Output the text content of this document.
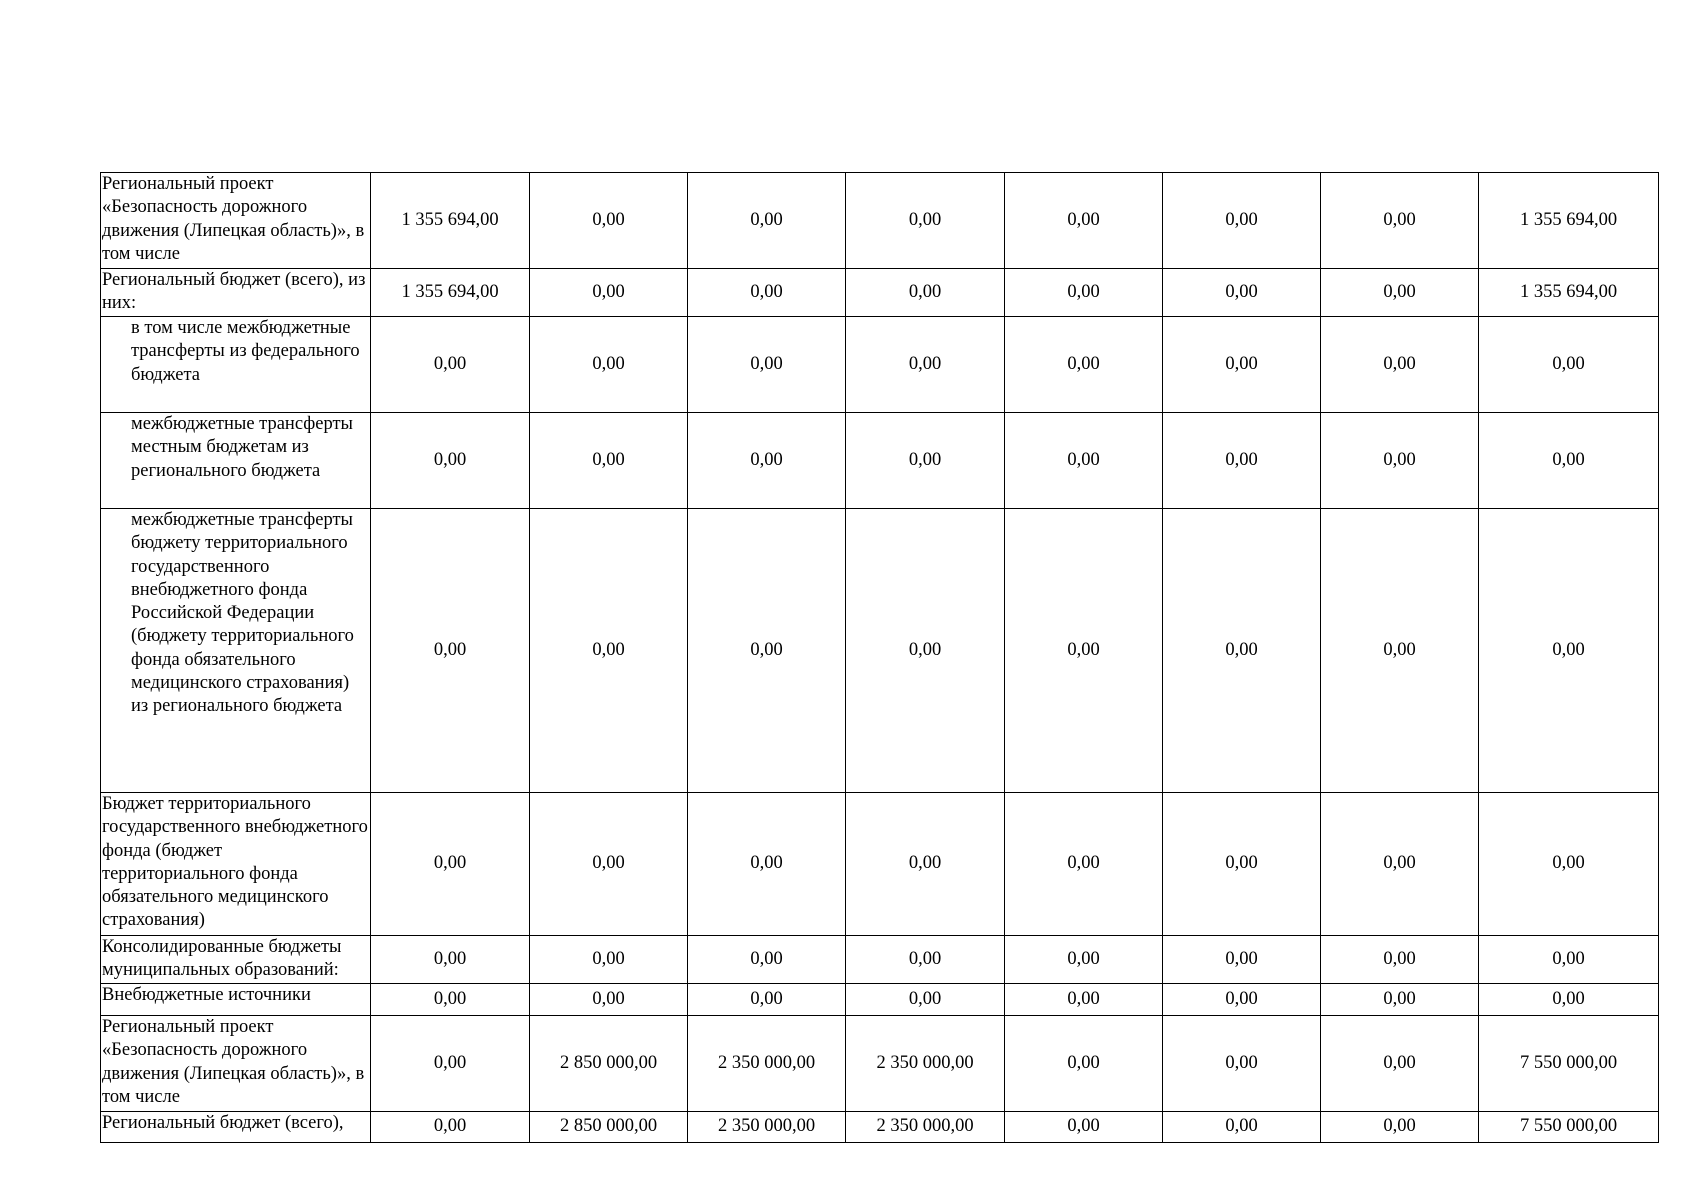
Региональный проект «Безопасность дорожного движения (Липецкая область)», в том числе	1 355 694,00	0,00	0,00	0,00	0,00	0,00	0,00	1 355 694,00
Региональный бюджет (всего), из них:	1 355 694,00	0,00	0,00	0,00	0,00	0,00	0,00	1 355 694,00
в том числе межбюджетные трансферты из федерального бюджета	0,00	0,00	0,00	0,00	0,00	0,00	0,00	0,00
межбюджетные трансферты местным бюджетам из регионального бюджета	0,00	0,00	0,00	0,00	0,00	0,00	0,00	0,00
межбюджетные трансферты бюджету территориального государственного внебюджетного фонда Российской Федерации (бюджету территориального фонда обязательного медицинского страхования) из регионального бюджета	0,00	0,00	0,00	0,00	0,00	0,00	0,00	0,00
Бюджет территориального государственного внебюджетного фонда (бюджет территориального фонда обязательного медицинского страхования)	0,00	0,00	0,00	0,00	0,00	0,00	0,00	0,00
Консолидированные бюджеты муниципальных образований:	0,00	0,00	0,00	0,00	0,00	0,00	0,00	0,00
Внебюджетные источники	0,00	0,00	0,00	0,00	0,00	0,00	0,00	0,00
Региональный проект «Безопасность дорожного движения (Липецкая область)», в том числе	0,00	2 850 000,00	2 350 000,00	2 350 000,00	0,00	0,00	0,00	7 550 000,00
Региональный бюджет (всего),	0,00	2 850 000,00	2 350 000,00	2 350 000,00	0,00	0,00	0,00	7 550 000,00
